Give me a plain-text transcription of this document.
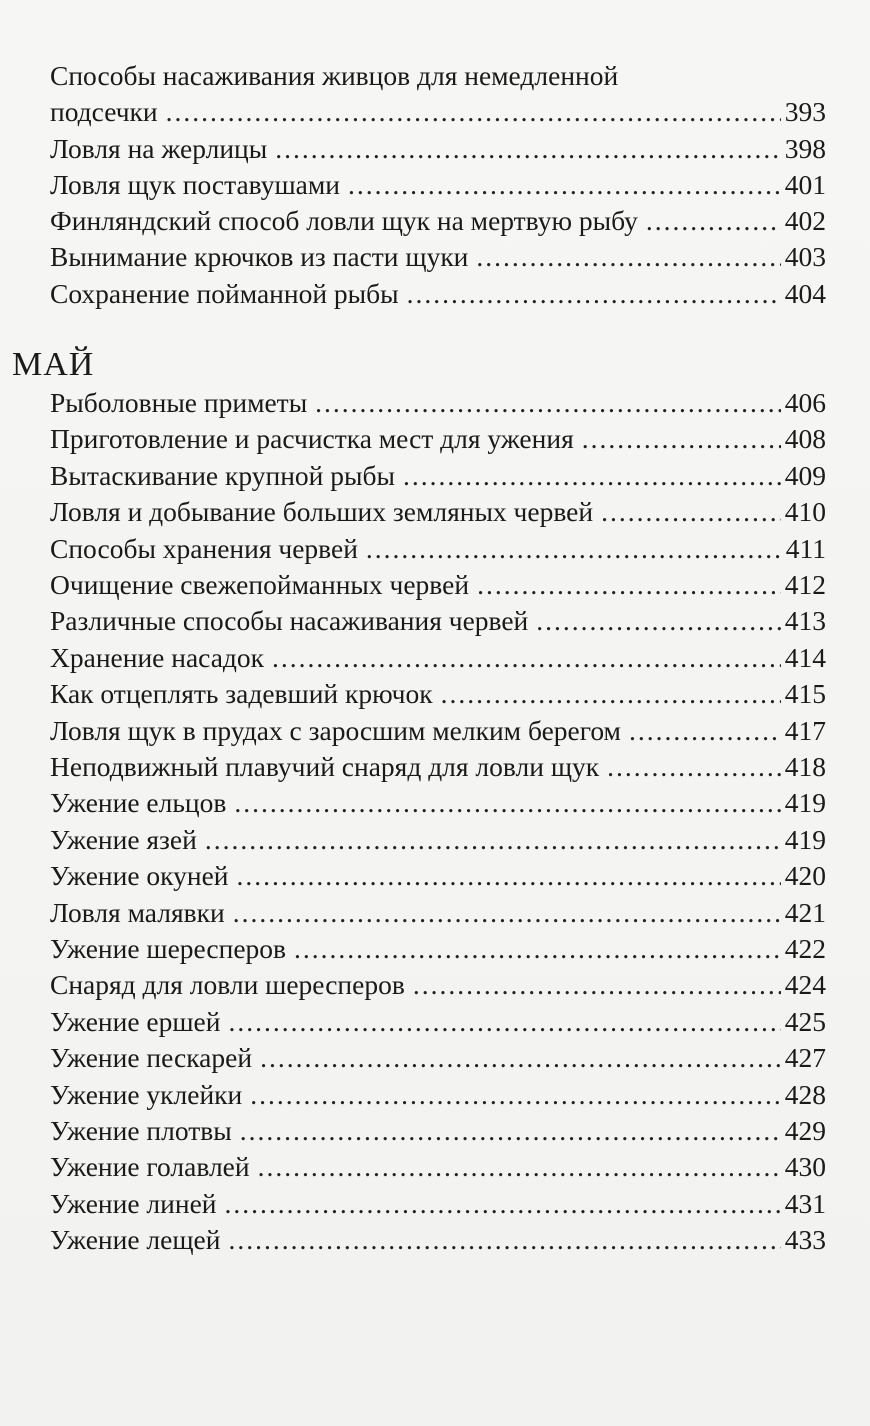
Способы насаживания живцов для немедленной
подсечки .....	393
Ловля на жерлицы .....	398
Ловля щук поставушами .....	401
Финляндский способ ловли щук на мертвую рыбу .....	402
Вынимание крючков из пасти щуки .....	403
Сохранение пойманной рыбы .....	404
МАЙ
Рыболовные приметы .....	406
Приготовление и расчистка мест для ужения .....	408
Вытаскивание крупной рыбы .....	409
Ловля и добывание больших земляных червей .....	410
Способы хранения червей .....	411
Очищение свежепойманных червей .....	412
Различные способы насаживания червей .....	413
Хранение насадок .....	414
Как отцеплять задевший крючок .....	415
Ловля щук в прудах с заросшим мелким берегом .....	417
Неподвижный плавучий снаряд для ловли щук .....	418
Ужение ельцов .....	419
Ужение язей .....	419
Ужение окуней .....	420
Ловля малявки .....	421
Ужение шересперов .....	422
Снаряд для ловли шересперов .....	424
Ужение ершей .....	425
Ужение пескарей .....	427
Ужение уклейки .....	428
Ужение плотвы .....	429
Ужение голавлей .....	430
Ужение линей .....	431
Ужение лещей .....	433
